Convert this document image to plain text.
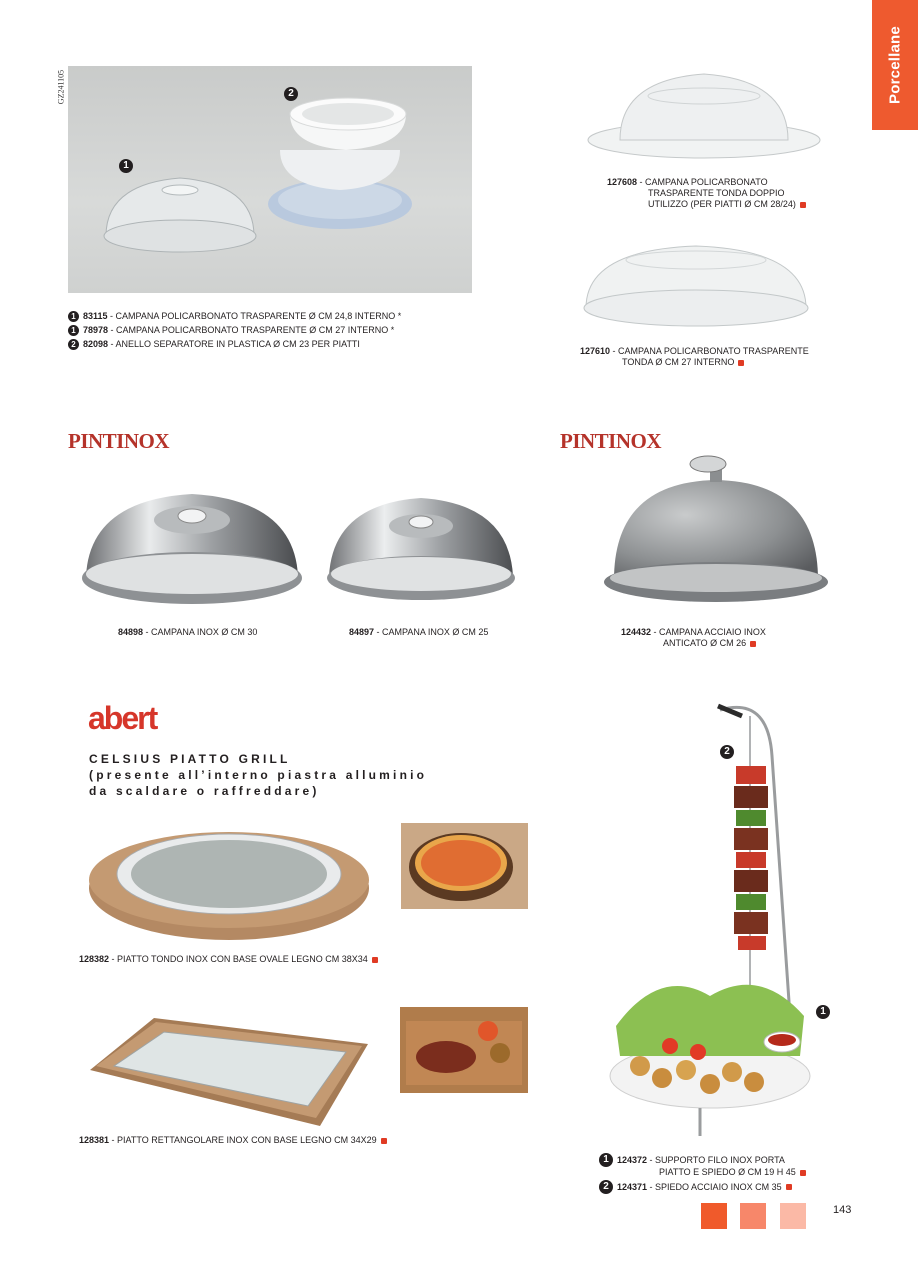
Porcellane
GZ241105
1
2
1 83115 - CAMPANA POLICARBONATO TRASPARENTE Ø CM 24,8 INTERNO *
1 78978 - CAMPANA POLICARBONATO TRASPARENTE Ø CM 27 INTERNO *
2 82098 - ANELLO SEPARATORE IN PLASTICA Ø CM 23 PER PIATTI
127608 - CAMPANA POLICARBONATO
TRASPARENTE TONDA DOPPIO
UTILIZZO (PER PIATTI Ø CM 28/24)
127610 - CAMPANA POLICARBONATO TRASPARENTE
TONDA Ø CM 27 INTERNO
PINTINOX	PINTINOX
84898 - CAMPANA INOX Ø CM 30	84897 - CAMPANA INOX Ø CM 25	124432 - CAMPANA ACCIAIO INOX
ANTICATO Ø CM 26
abert
CELSIUS PIATTO GRILL
(presente all’interno piastra alluminio
da scaldare o raffreddare)
128382 - PIATTO TONDO INOX CON BASE OVALE LEGNO CM 38X34
128381 - PIATTO RETTANGOLARE INOX CON BASE LEGNO CM 34X29
2
1
1 124372 - SUPPORTO FILO INOX PORTA
PIATTO E SPIEDO Ø CM 19 H 45
2 124371 - SPIEDO ACCIAIO INOX CM 35
143
